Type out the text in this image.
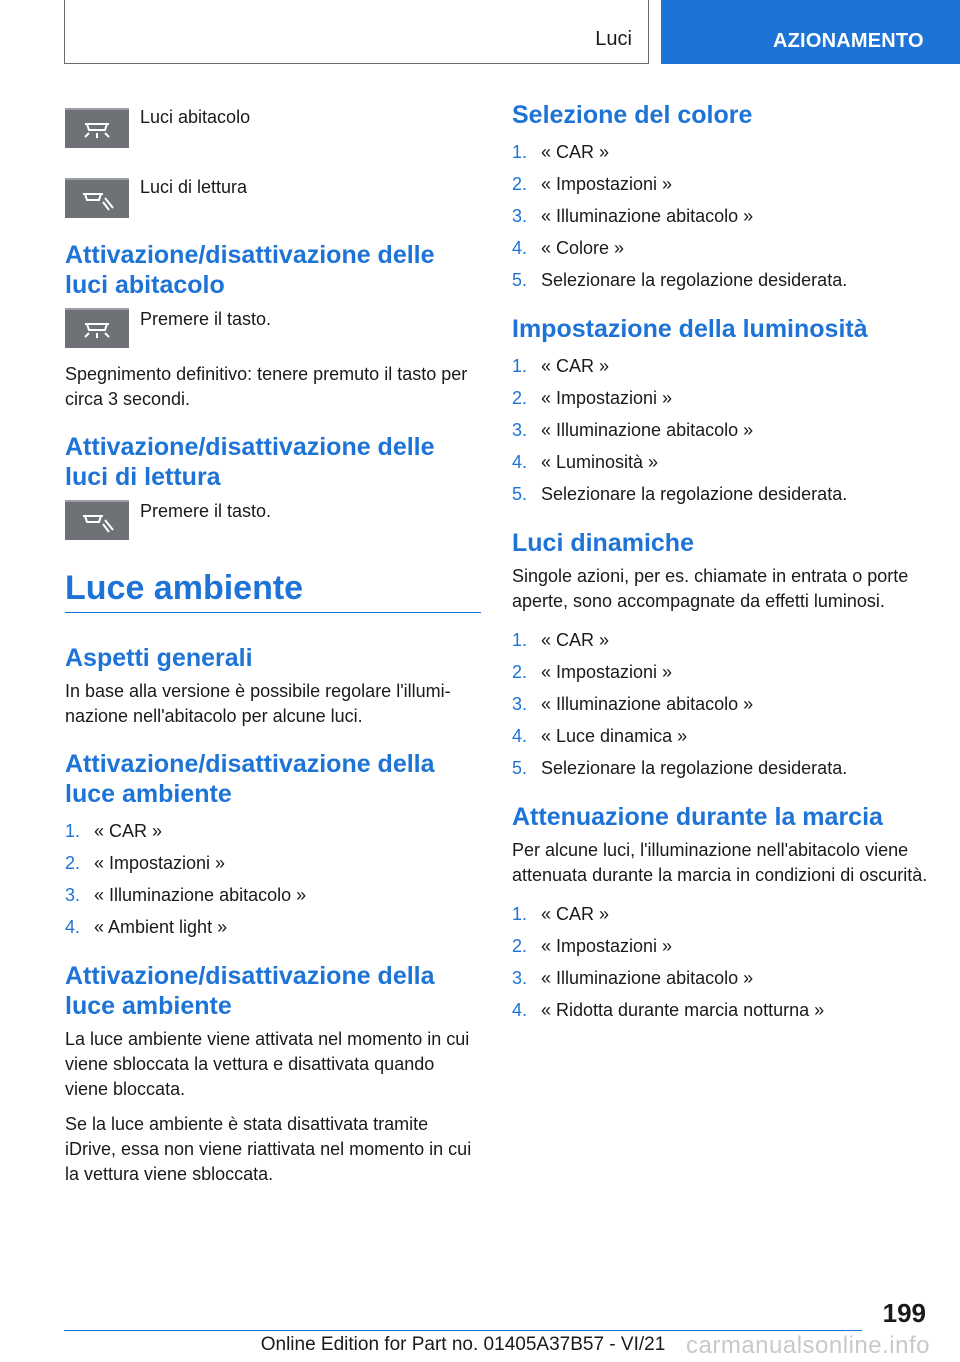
Luci	AZIONAMENTO
Luci abitacolo
Luci di lettura
Attivazione/disattivazione delle luci abitacolo
Premere il tasto.

Spegnimento definitivo: tenere premuto il tasto per circa 3 secondi.

Attivazione/disattivazione delle luci di lettura
Premere il tasto.
Luce ambiente
Aspetti generali

In base alla versione è possibile regolare l'illuminazione nell'abitacolo per alcune luci.

Attivazione/disattivazione della luce ambiente
1. « CAR »
2. « Impostazioni »
3. « Illuminazione abitacolo »
4. « Ambient light »
Attivazione/disattivazione della luce ambiente

La luce ambiente viene attivata nel momento in cui viene sbloccata la vettura e disattivata quando viene bloccata.

Se la luce ambiente è stata disattivata tramite iDrive, essa non viene riattivata nel momento in cui la vettura viene sbloccata.

Selezione del colore
1. « CAR »
2. « Impostazioni »
3. « Illuminazione abitacolo »
4. « Colore »
5. Selezionare la regolazione desiderata.
Impostazione della luminosità
1. « CAR »
2. « Impostazioni »
3. « Illuminazione abitacolo »
4. « Luminosità »
5. Selezionare la regolazione desiderata.
Luci dinamiche

Singole azioni, per es. chiamate in entrata o porte aperte, sono accompagnate da effetti luminosi.

1. « CAR »
2. « Impostazioni »
3. « Illuminazione abitacolo »
4. « Luce dinamica »
5. Selezionare la regolazione desiderata.
Attenuazione durante la marcia

Per alcune luci, l'illuminazione nell'abitacolo viene attenuata durante la marcia in condizioni di oscurità.

1. « CAR »
2. « Impostazioni »
3. « Illuminazione abitacolo »
4. « Ridotta durante marcia notturna »
199
Online Edition for Part no. 01405A37B57 - VI/21 carmanualsonline.info
